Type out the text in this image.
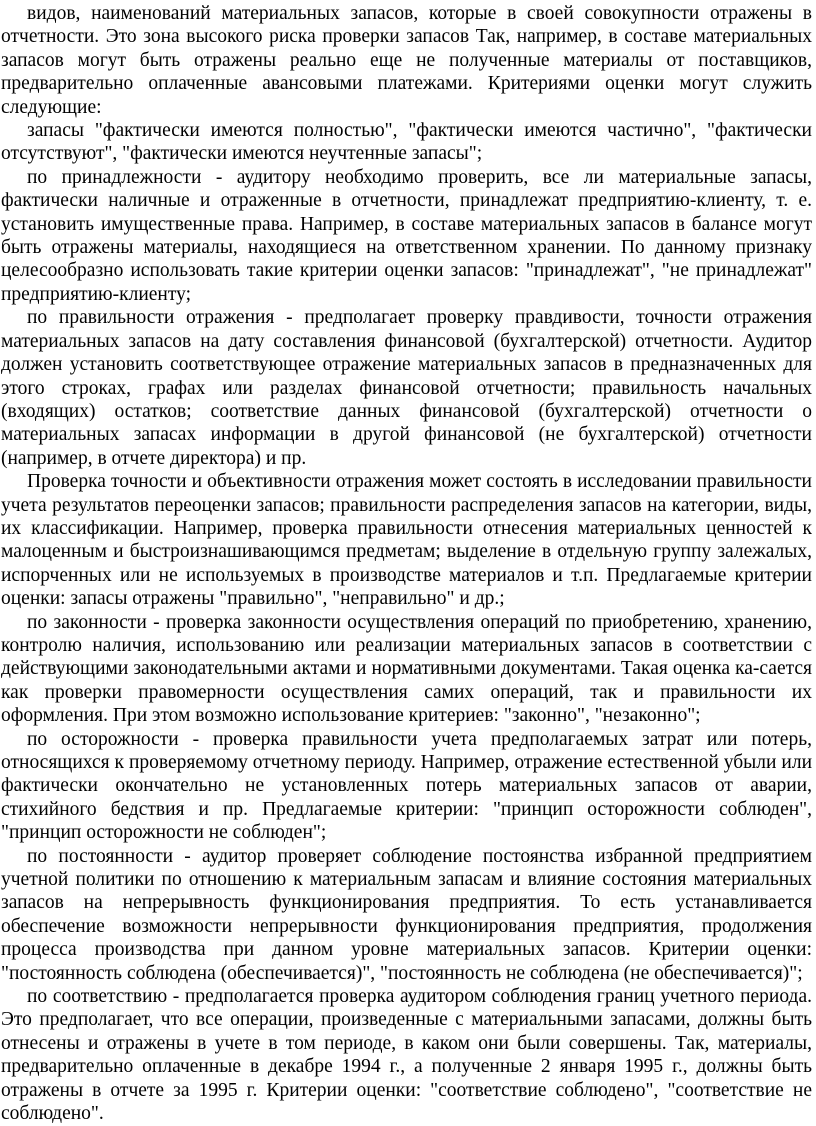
видов, наименований материальных запасов, которые в своей совокупности отражены в отчетности. Это зона высокого риска проверки запасов Так, например, в составе материальных запасов могут быть отражены реально еще не полученные материалы от поставщиков, предварительно оплаченные авансовыми платежами. Критериями оценки могут служить следующие:

запасы "фактически имеются полностью", "фактически имеются частично", "фактически отсутствуют", "фактически имеются неучтенные запасы";

по принадлежности - аудитору необходимо проверить, все ли материальные запасы, фактически наличные и отраженные в отчетности, принадлежат предприятию-клиенту, т. е. установить имущественные права. Например, в составе материальных запасов в балансе могут быть отражены материалы, находящиеся на ответственном хранении. По данному признаку целесообразно использовать такие критерии оценки запасов: "принадлежат", "не принадлежат" предприятию-клиенту;

по правильности отражения - предполагает проверку правдивости, точности отражения материальных запасов на дату составления финансовой (бухгалтерской) отчетности. Аудитор должен установить соответствующее отражение материальных запасов в предназначенных для этого строках, графах или разделах финансовой отчетности; правильность начальных (входящих) остатков; соответствие данных финансовой (бухгалтерской) отчетности о материальных запасах информации в другой финансовой (не бухгалтерской) отчетности (например, в отчете директора) и пр.

Проверка точности и объективности отражения может состоять в исследовании правильности учета результатов переоценки запасов; правильности распределения запасов на категории, виды, их классификации. Например, проверка правильности отнесения материальных ценностей к малоценным и быстроизнашивающимся предметам; выделение в отдельную группу залежалых, испорченных или не используемых в производстве материалов и т.п. Предлагаемые критерии оценки: запасы отражены "правильно", "неправильно" и др.;

по законности - проверка законности осуществления операций по приобретению, хранению, контролю наличия, использованию или реализации материальных запасов в соответствии с действующими законодательными актами и нормативными документами. Такая оценка ка-сается как проверки правомерности осуществления самих операций, так и правильности их оформления. При этом возможно использование критериев: "законно", "незаконно";

по осторожности - проверка правильности учета предполагаемых затрат или потерь, относящихся к проверяемому отчетному периоду. Например, отражение естественной убыли или фактически окончательно не установленных потерь материальных запасов от аварии, стихийного бедствия и пр. Предлагаемые критерии: "принцип осторожности соблюден", "принцип осторожности не соблюден";

по постоянности - аудитор проверяет соблюдение постоянства избранной предприятием учетной политики по отношению к материальным запасам и влияние состояния материальных запасов на непрерывность функционирования предприятия. То есть устанавливается обеспечение возможности непрерывности функционирования предприятия, продолжения процесса производства при данном уровне материальных запасов. Критерии оценки: "постоянность соблюдена (обеспечивается)", "постоянность не соблюдена (не обеспечивается)";

по соответствию - предполагается проверка аудитором соблюдения границ учетного периода. Это предполагает, что все операции, произведенные с материальными запасами, должны быть отнесены и отражены в учете в том периоде, в каком они были совершены. Так, материалы, предварительно оплаченные в декабре 1994 г., а полученные 2 января 1995 г., должны быть отражены в отчете за 1995 г. Критерии оценки: "соответствие соблюдено", "соответствие не соблюдено".
